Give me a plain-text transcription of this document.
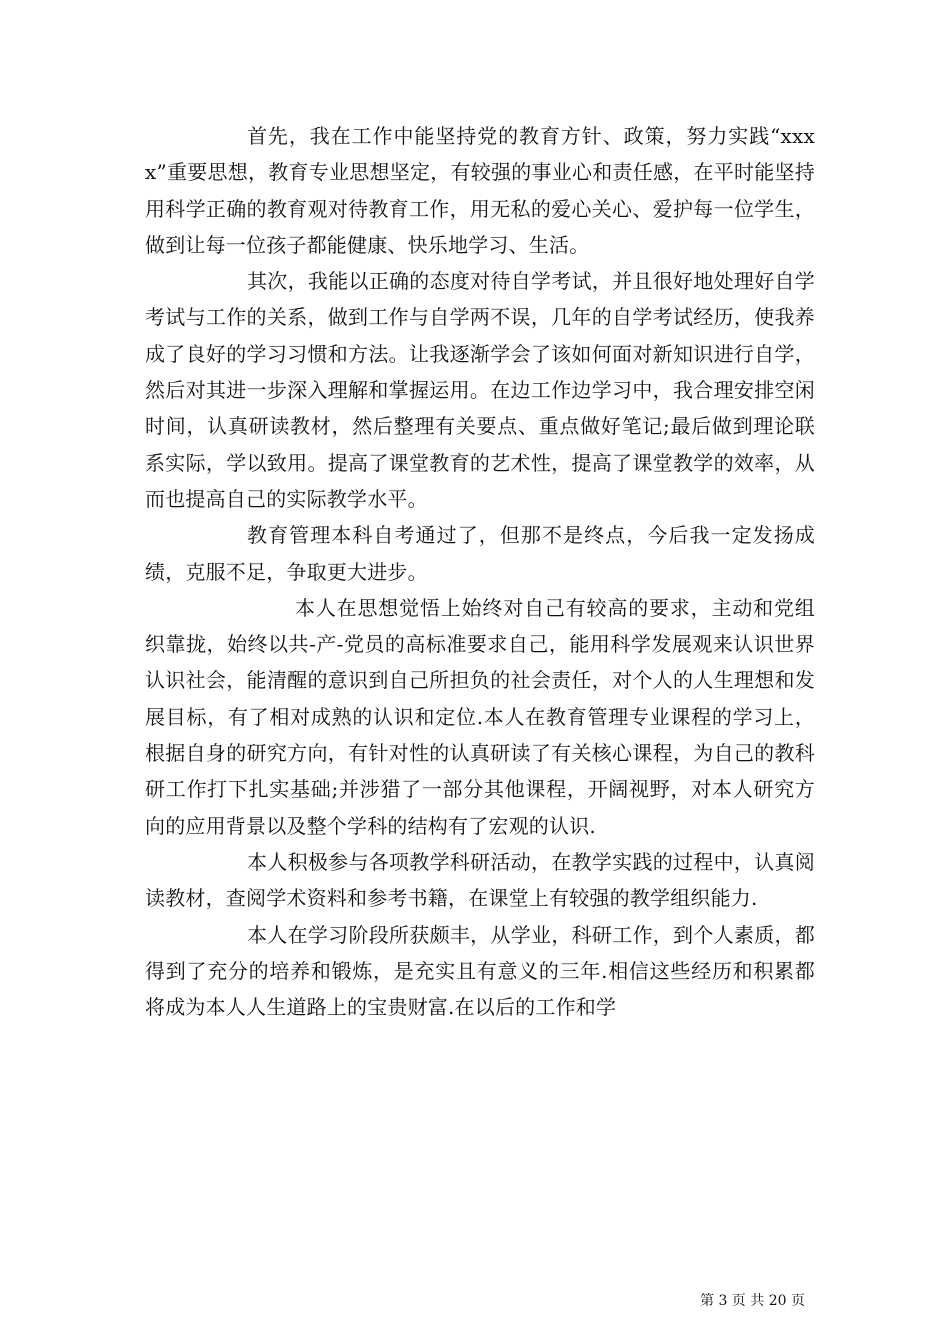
首先，我在工作中能坚持党的教育方针、政策，努力实践“xxxx”重要思想，教育专业思想坚定，有较强的事业心和责任感，在平时能坚持用科学正确的教育观对待教育工作，用无私的爱心关心、爱护每一位学生，做到让每一位孩子都能健康、快乐地学习、生活。

其次，我能以正确的态度对待自学考试，并且很好地处理好自学考试与工作的关系，做到工作与自学两不误，几年的自学考试经历，使我养成了良好的学习习惯和方法。让我逐渐学会了该如何面对新知识进行自学，然后对其进一步深入理解和掌握运用。在边工作边学习中，我合理安排空闲时间，认真研读教材，然后整理有关要点、重点做好笔记;最后做到理论联系实际，学以致用。提高了课堂教育的艺术性，提高了课堂教学的效率，从而也提高自己的实际教学水平。

教育管理本科自考通过了，但那不是终点，今后我一定发扬成绩，克服不足，争取更大进步。

本人在思想觉悟上始终对自己有较高的要求，主动和党组织靠拢，始终以共-产-党员的高标准要求自己，能用科学发展观来认识世界认识社会，能清醒的意识到自己所担负的社会责任，对个人的人生理想和发展目标，有了相对成熟的认识和定位.本人在教育管理专业课程的学习上，根据自身的研究方向，有针对性的认真研读了有关核心课程，为自己的教科研工作打下扎实基础;并涉猎了一部分其他课程，开阔视野，对本人研究方向的应用背景以及整个学科的结构有了宏观的认识.

本人积极参与各项教学科研活动，在教学实践的过程中，认真阅读教材，查阅学术资料和参考书籍，在课堂上有较强的教学组织能力.

本人在学习阶段所获颇丰，从学业，科研工作，到个人素质，都得到了充分的培养和锻炼，是充实且有意义的三年.相信这些经历和积累都将成为本人人生道路上的宝贵财富.在以后的工作和学

第 3 页 共 20 页
